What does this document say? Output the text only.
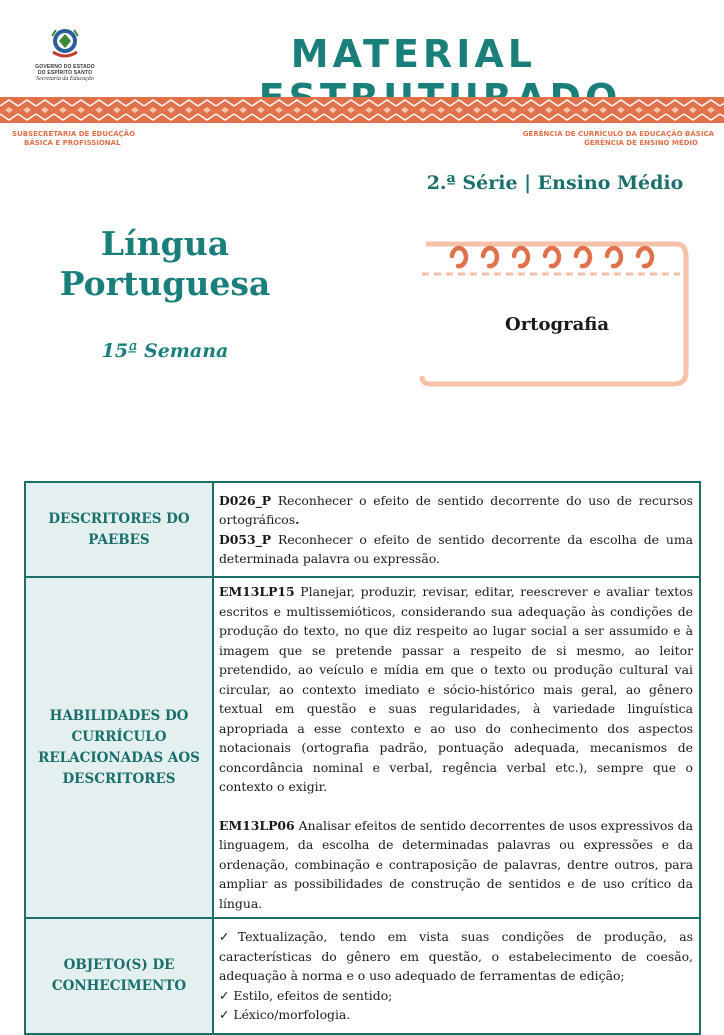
GOVERNO DO ESTADO
DO ESPÍRITO SANTO
Secretaria da Educação
MATERIAL
SUBSECRETARIA DE EDUCAÇÃO
BÁSICA E PROFISSIONAL
GERÊNCIA DE CURRÍCULO DA EDUCAÇÃO BÁSICA
GERÊNCIA DE ENSINO MÉDIO
2.ª Série | Ensino Médio
Língua
Portuguesa
15ª Semana
Ortografia
DESCRITORES DO PAEBES	D026_P Reconhecer o efeito de sentido decorrente do uso de recursos ortográficos.
D053_P Reconhecer o efeito de sentido decorrente da escolha de uma determinada palavra ou expressão.

HABILIDADES DO CURRÍCULO RELACIONADAS AOS DESCRITORES	EM13LP15 Planejar, produzir, revisar, editar, reescrever e avaliar textos escritos e multissemióticos, considerando sua adequação às condições de produção do texto, no que diz respeito ao lugar social a ser assumido e à imagem que se pretende passar a respeito de si mesmo, ao leitor pretendido, ao veículo e mídia em que o texto ou produção cultural vai circular, ao contexto imediato e sócio-histórico mais geral, ao gênero textual em questão e suas regularidades, à variedade linguística apropriada a esse contexto e ao uso do conhecimento dos aspectos notacionais (ortografia padrão, pontuação adequada, mecanismos de concordância nominal e verbal, regência verbal etc.), sempre que o contexto o exigir.
EM13LP06 Analisar efeitos de sentido decorrentes de usos expressivos da linguagem, da escolha de determinadas palavras ou expressões e da ordenação, combinação e contraposição de palavras, dentre outros, para ampliar as possibilidades de construção de sentidos e de uso crítico da língua.

OBJETO(S) DE CONHECIMENTO	✓Textualização, tendo em vista suas condições de produção, as características do gênero em questão, o estabelecimento de coesão, adequação à norma e o uso adequado de ferramentas de edição;
✓ Estilo, efeitos de sentido;
✓ Léxico/morfologia.
